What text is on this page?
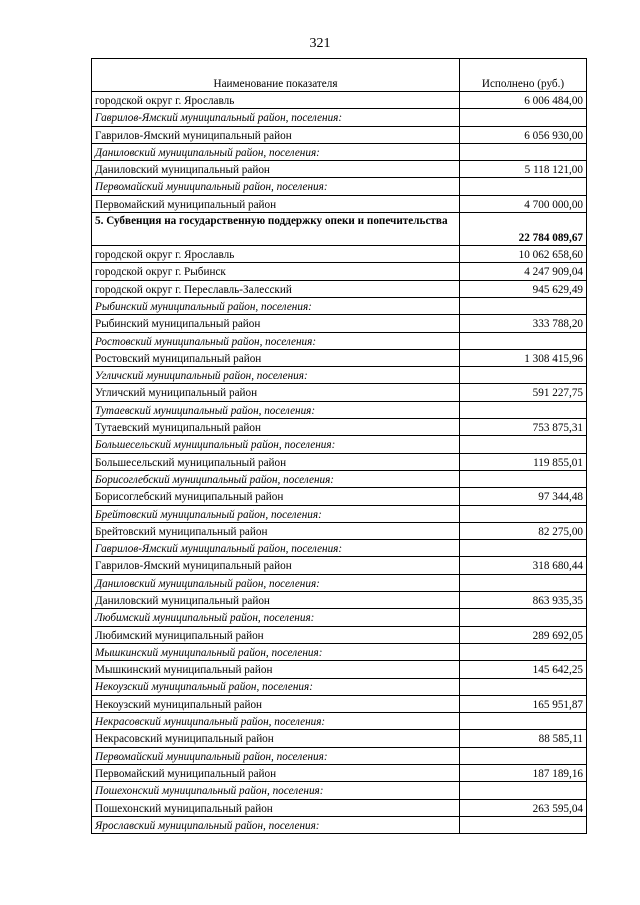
321
Наименование показателя	Исполнено (руб.)
городской округ г. Ярославль	6 006 484,00
Гаврилов-Ямский муниципальный район, поселения:	
Гаврилов-Ямский муниципальный район	6 056 930,00
Даниловский муниципальный район, поселения:	
Даниловский муниципальный район	5 118 121,00
Первомайский муниципальный район, поселения:	
Первомайский муниципальный район	4 700 000,00
5. Субвенция на государственную поддержку опеки и попечительства	22 784 089,67
городской округ г. Ярославль	10 062 658,60
городской округ г. Рыбинск	4 247 909,04
городской округ г. Переславль-Залесский	945 629,49
Рыбинский муниципальный район, поселения:	
Рыбинский муниципальный район	333 788,20
Ростовский муниципальный район, поселения:	
Ростовский муниципальный район	1 308 415,96
Угличский муниципальный район, поселения:	
Угличский муниципальный район	591 227,75
Тутаевский муниципальный район, поселения:	
Тутаевский муниципальный район	753 875,31
Большесельский муниципальный район, поселения:	
Большесельский муниципальный район	119 855,01
Борисоглебский муниципальный район, поселения:	
Борисоглебский муниципальный район	97 344,48
Брейтовский муниципальный район, поселения:	
Брейтовский муниципальный район	82 275,00
Гаврилов-Ямский муниципальный район, поселения:	
Гаврилов-Ямский муниципальный район	318 680,44
Даниловский муниципальный район, поселения:	
Даниловский муниципальный район	863 935,35
Любимский муниципальный район, поселения:	
Любимский муниципальный район	289 692,05
Мышкинский муниципальный район, поселения:	
Мышкинский муниципальный район	145 642,25
Некоузский муниципальный район, поселения:	
Некоузский муниципальный район	165 951,87
Некрасовский муниципальный район, поселения:	
Некрасовский муниципальный район	88 585,11
Первомайский муниципальный район, поселения:	
Первомайский муниципальный район	187 189,16
Пошехонский муниципальный район, поселения:	
Пошехонский муниципальный район	263 595,04
Ярославский муниципальный район, поселения:	
